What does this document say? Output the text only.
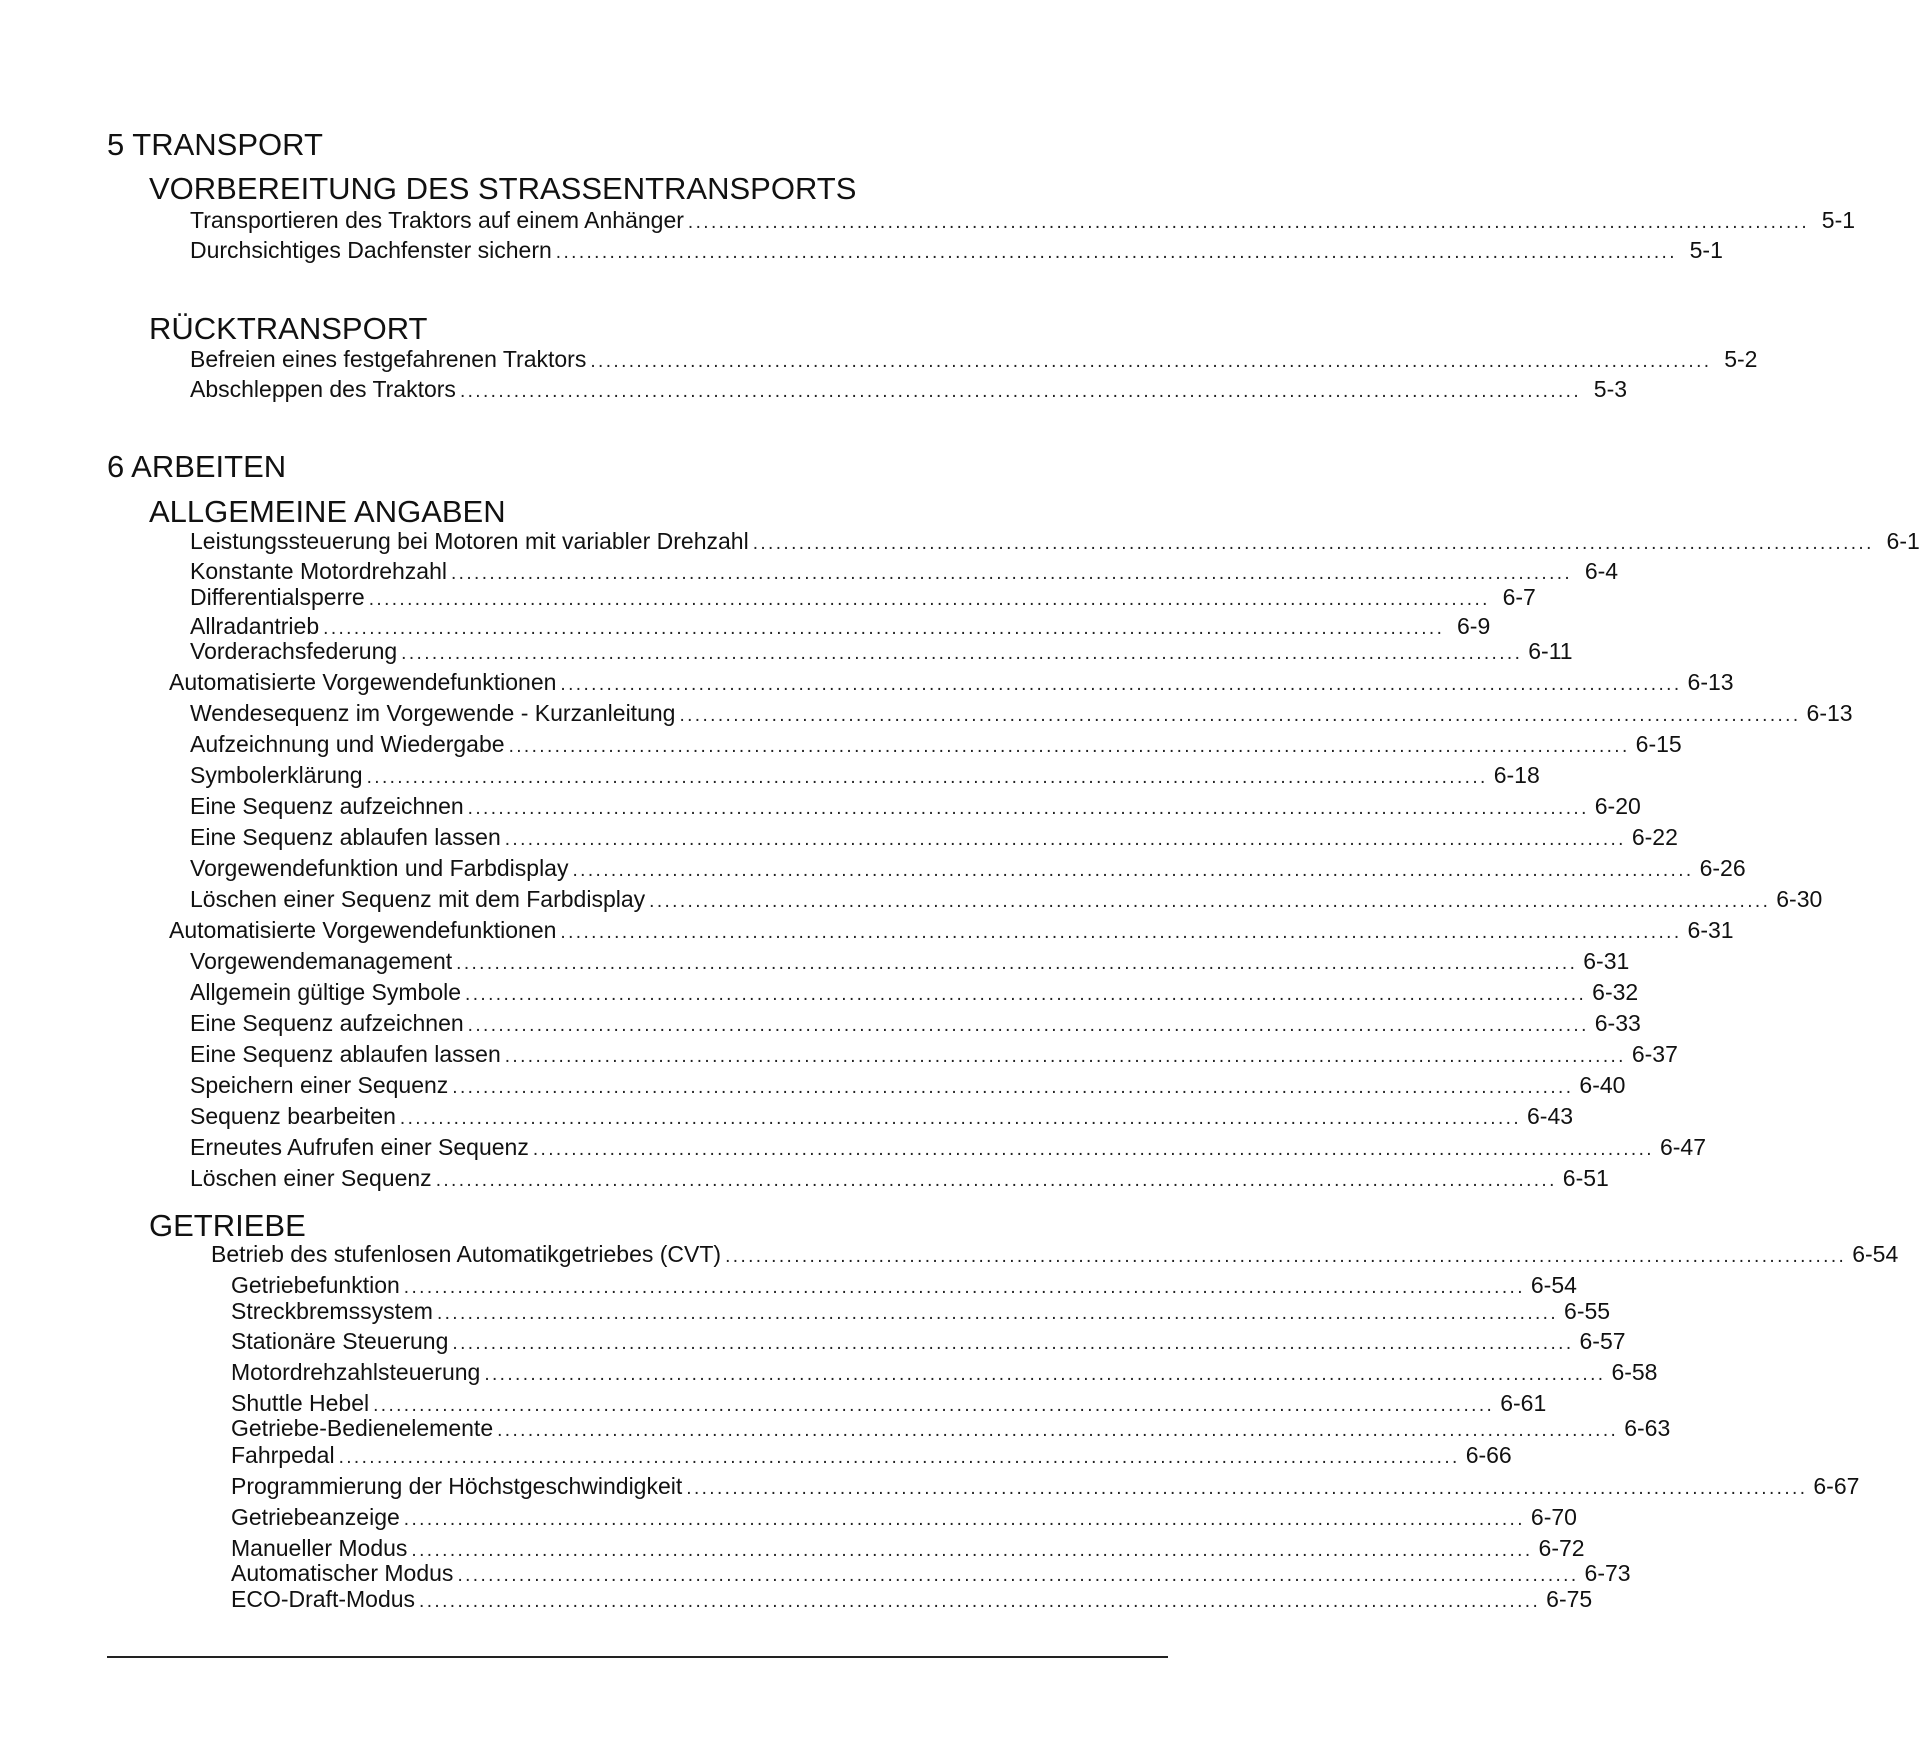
5 TRANSPORT
VORBEREITUNG DES STRASSENTRANSPORTS
Transportieren des Traktors auf einem Anhänger .................................................................................................................................................. 5-1
Durchsichtiges Dachfenster sichern .................................................................................................................................................. 5-1
RÜCKTRANSPORT
Befreien eines festgefahrenen Traktors .................................................................................................................................................. 5-2
Abschleppen des Traktors .................................................................................................................................................. 5-3
6 ARBEITEN
ALLGEMEINE ANGABEN
Leistungssteuerung bei Motoren mit variabler Drehzahl .................................................................................................................................................. 6-1
Konstante Motordrehzahl .................................................................................................................................................. 6-4
Differentialsperre .................................................................................................................................................. 6-7
Allradantrieb .................................................................................................................................................. 6-9
Vorderachsfederung .................................................................................................................................................. 6-11
Automatisierte Vorgewendefunktionen .................................................................................................................................................. 6-13
Wendesequenz im Vorgewende - Kurzanleitung .................................................................................................................................................. 6-13
Aufzeichnung und Wiedergabe .................................................................................................................................................. 6-15
Symbolerklärung .................................................................................................................................................. 6-18
Eine Sequenz aufzeichnen .................................................................................................................................................. 6-20
Eine Sequenz ablaufen lassen .................................................................................................................................................. 6-22
Vorgewendefunktion und Farbdisplay .................................................................................................................................................. 6-26
Löschen einer Sequenz mit dem Farbdisplay .................................................................................................................................................. 6-30
Automatisierte Vorgewendefunktionen .................................................................................................................................................. 6-31
Vorgewendemanagement .................................................................................................................................................. 6-31
Allgemein gültige Symbole .................................................................................................................................................. 6-32
Eine Sequenz aufzeichnen .................................................................................................................................................. 6-33
Eine Sequenz ablaufen lassen .................................................................................................................................................. 6-37
Speichern einer Sequenz .................................................................................................................................................. 6-40
Sequenz bearbeiten .................................................................................................................................................. 6-43
Erneutes Aufrufen einer Sequenz .................................................................................................................................................. 6-47
Löschen einer Sequenz .................................................................................................................................................. 6-51
GETRIEBE
Betrieb des stufenlosen Automatikgetriebes (CVT) .................................................................................................................................................. 6-54
Getriebefunktion .................................................................................................................................................. 6-54
Streckbremssystem .................................................................................................................................................. 6-55
Stationäre Steuerung .................................................................................................................................................. 6-57
Motordrehzahlsteuerung .................................................................................................................................................. 6-58
Shuttle Hebel .................................................................................................................................................. 6-61
Getriebe-Bedienelemente .................................................................................................................................................. 6-63
Fahrpedal .................................................................................................................................................. 6-66
Programmierung der Höchstgeschwindigkeit .................................................................................................................................................. 6-67
Getriebeanzeige .................................................................................................................................................. 6-70
Manueller Modus .................................................................................................................................................. 6-72
Automatischer Modus .................................................................................................................................................. 6-73
ECO-Draft-Modus .................................................................................................................................................. 6-75
